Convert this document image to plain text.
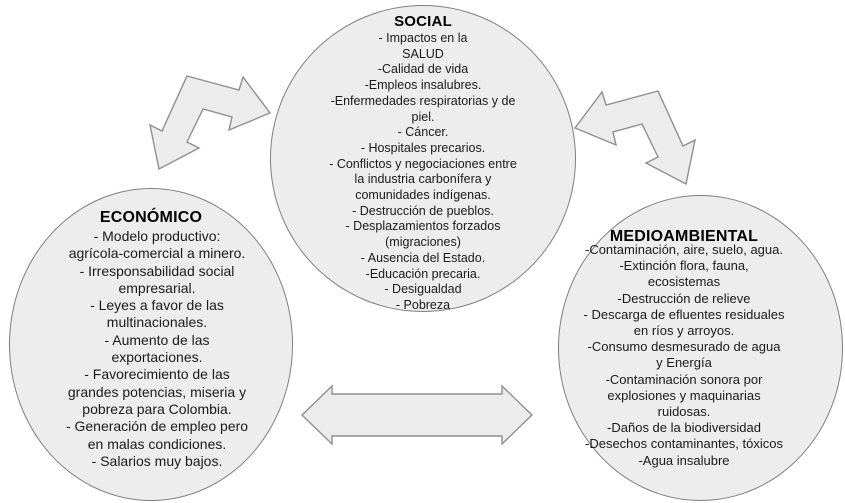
SOCIAL
- Impactos en la
SALUD
-Calidad de vida
-Empleos insalubres.
-Enfermedades respiratorias y de
piel.
- Cáncer.
- Hospitales precarios.
- Conflictos y negociaciones entre
la industria carbonífera y
comunidades indígenas.
- Destrucción de pueblos.
- Desplazamientos forzados
(migraciones)
- Ausencia del Estado.
-Educación precaria.
- Desigualdad
- Pobreza
ECONÓMICO
- Modelo productivo:
agrícola-comercial a minero.
- Irresponsabilidad social
empresarial.
- Leyes a favor de las
multinacionales.
- Aumento de las
exportaciones.
- Favorecimiento de las
grandes potencias, miseria y
pobreza para Colombia.
- Generación de empleo pero
en malas condiciones.
- Salarios muy bajos.
MEDIOAMBIENTAL
-Contaminación, aire, suelo, agua.
-Extinción flora, fauna,
ecosistemas
-Destrucción de relieve
- Descarga de efluentes residuales
en ríos y arroyos.
-Consumo desmesurado de agua
y Energía
-Contaminación sonora por
explosiones y maquinarias
ruidosas.
-Daños de la biodiversidad
-Desechos contaminantes, tóxicos
-Agua insalubre
